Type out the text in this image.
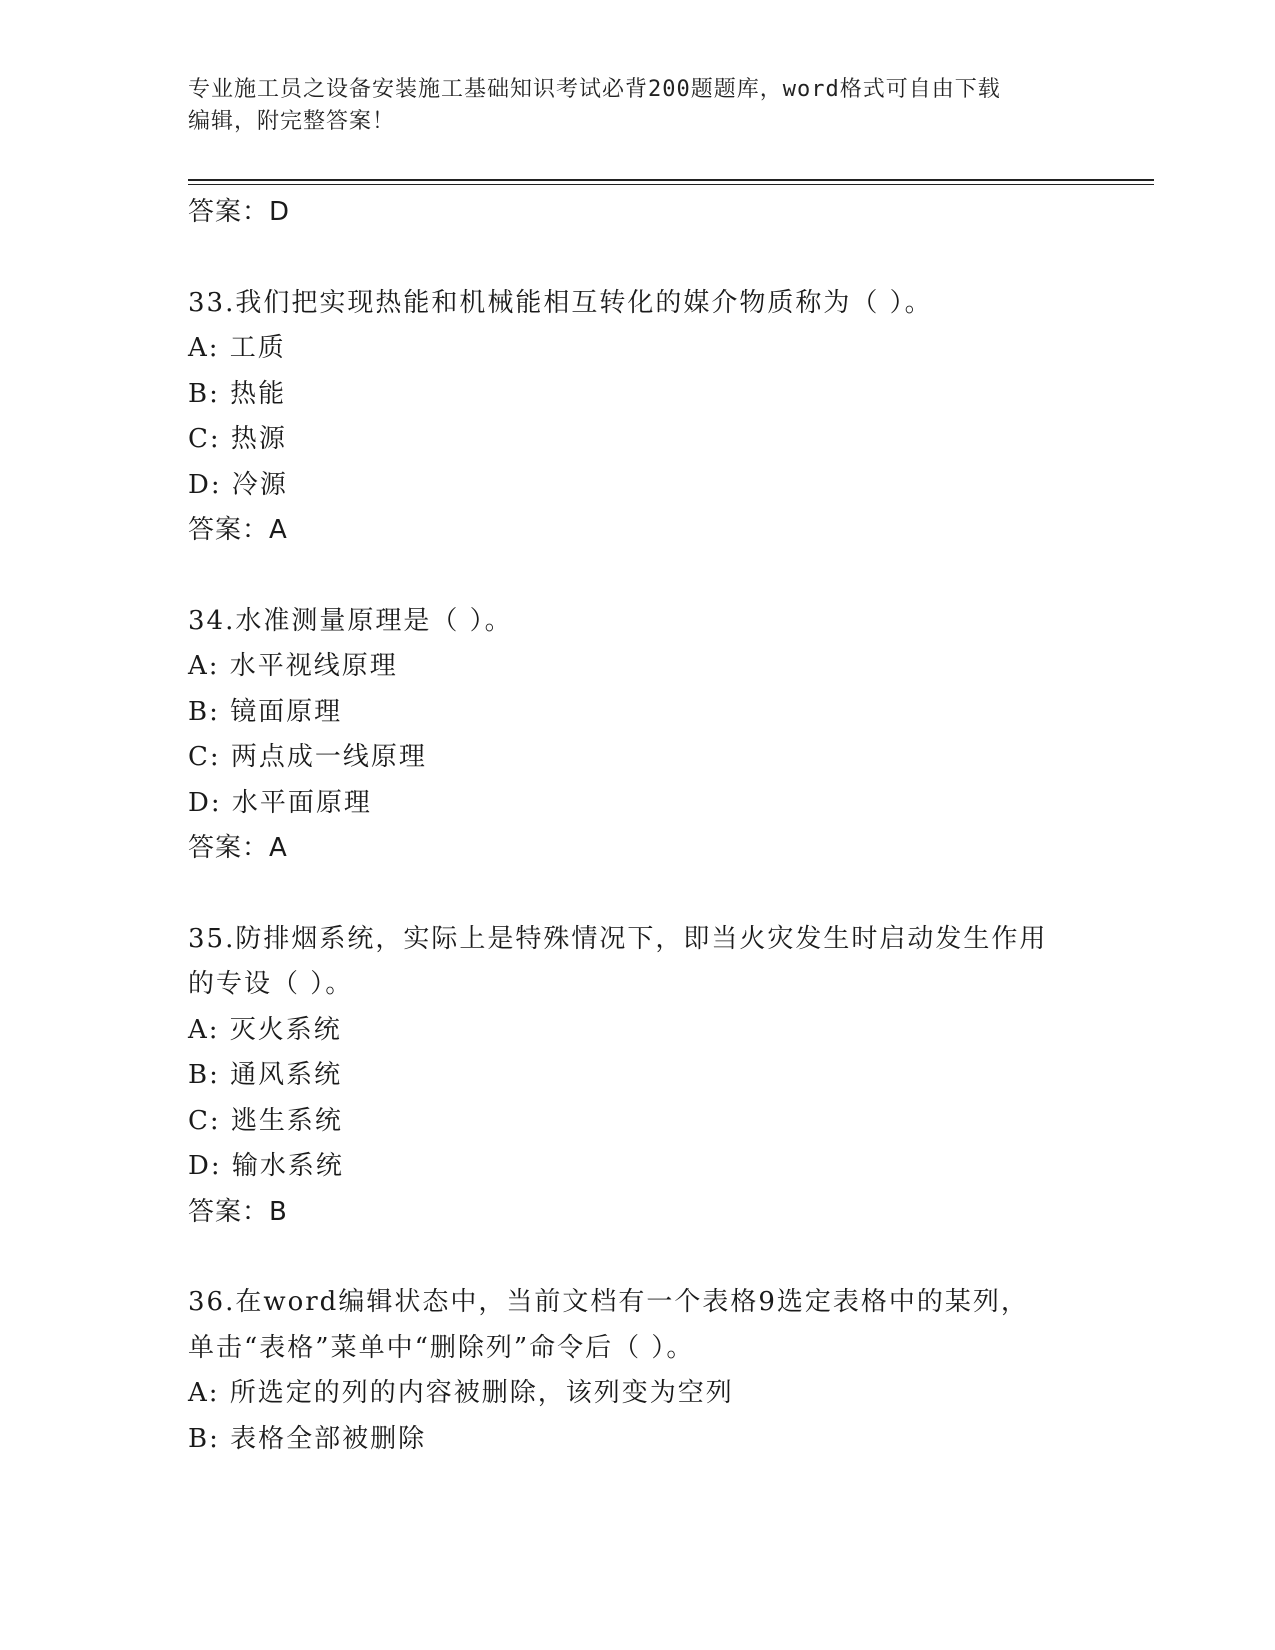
专业施工员之设备安装施工基础知识考试必背200题题库，word格式可自由下载
编辑，附完整答案！
答案：D
33.我们把实现热能和机械能相互转化的媒介物质称为（ ）。
A: 工质
B: 热能
C: 热源
D: 冷源
答案：A
34.水准测量原理是（ ）。
A: 水平视线原理
B: 镜面原理
C: 两点成一线原理
D: 水平面原理
答案：A
35.防排烟系统，实际上是特殊情况下，即当火灾发生时启动发生作用
的专设（ ）。
A: 灭火系统
B: 通风系统
C: 逃生系统
D: 输水系统
答案：B
36.在word编辑状态中，当前文档有一个表格9选定表格中的某列，
单击“表格”菜单中“删除列”命令后（ ）。
A: 所选定的列的内容被删除，该列变为空列
B: 表格全部被删除
